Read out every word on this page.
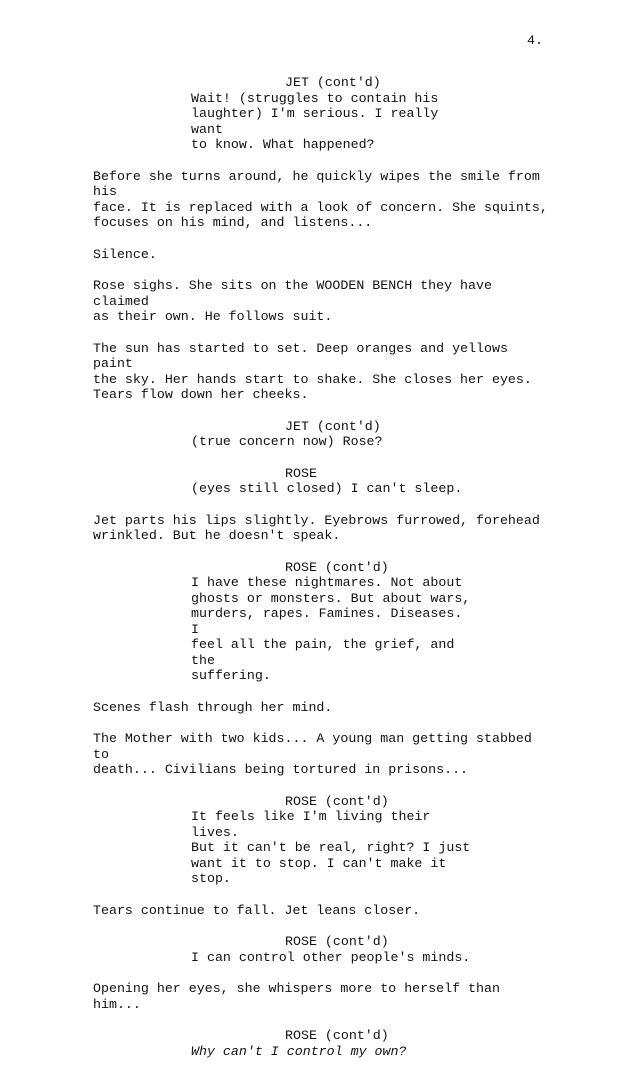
4.
JET (cont'd)
Wait! (struggles to contain his
laughter) I'm serious. I really want
to know. What happened?
Before she turns around, he quickly wipes the smile from his
face. It is replaced with a look of concern. She squints,
focuses on his mind, and listens...
Silence.
Rose sighs. She sits on the WOODEN BENCH they have claimed
as their own. He follows suit.
The sun has started to set. Deep oranges and yellows paint
the sky. Her hands start to shake. She closes her eyes.
Tears flow down her cheeks.
JET (cont'd)
(true concern now) Rose?
ROSE
(eyes still closed) I can't sleep.
Jet parts his lips slightly. Eyebrows furrowed, forehead
wrinkled. But he doesn't speak.
ROSE (cont'd)
I have these nightmares. Not about
ghosts or monsters. But about wars,
murders, rapes. Famines. Diseases. I
feel all the pain, the grief, and the
suffering.
Scenes flash through her mind.
The Mother with two kids... A young man getting stabbed to
death... Civilians being tortured in prisons...
ROSE (cont'd)
It feels like I'm living their lives.
But it can't be real, right? I just
want it to stop. I can't make it
stop.
Tears continue to fall. Jet leans closer.
ROSE (cont'd)
I can control other people's minds.
Opening her eyes, she whispers more to herself than him...
ROSE (cont'd)
Why can't I control my own?
